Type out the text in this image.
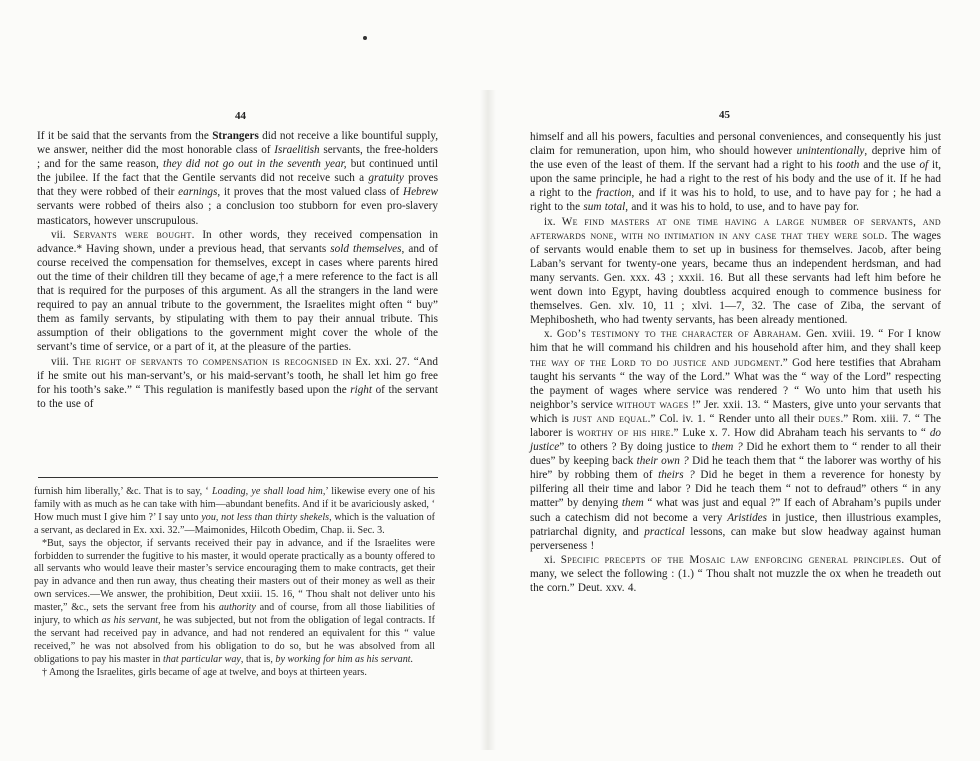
44

If it be said that the servants from the Strangers did not receive a like bountiful supply, we answer, neither did the most honorable class of Israelitish servants, the free-holders ; and for the same reason, they did not go out in the seventh year, but continued until the jubilee. If the fact that the Gentile servants did not receive such a gratuity proves that they were robbed of their earnings, it proves that the most valued class of Hebrew servants were robbed of theirs also ; a conclusion too stubborn for even pro-slavery masticators, however unscrupulous.

vii. Servants were bought. In other words, they received compensation in advance.* Having shown, under a previous head, that servants sold themselves, and of course received the compensation for themselves, except in cases where parents hired out the time of their children till they became of age,† a mere reference to the fact is all that is required for the purposes of this argument. As all the strangers in the land were required to pay an annual tribute to the government, the Israelites might often “ buy” them as family servants, by stipulating with them to pay their annual tribute. This assumption of their obligations to the government might cover the whole of the servant’s time of service, or a part of it, at the pleasure of the parties.

viii. The right of servants to compensation is recognised in Ex. xxi. 27. “And if he smite out his man-servant’s, or his maid-servant’s tooth, he shall let him go free for his tooth’s sake.” “ This regulation is manifestly based upon the right of the servant to the use of

furnish him liberally,’ &c. That is to say, ‘ Loading, ye shall load him,’ likewise every one of his family with as much as he can take with him—abundant benefits. And if it be avariciously asked, ‘ How much must I give him ?’ I say unto you, not less than thirty shekels, which is the valuation of a servant, as declared in Ex. xxi. 32.”—Maimonides, Hilcoth Obedim, Chap. ii. Sec. 3.

*But, says the objector, if servants received their pay in advance, and if the Israelites were forbidden to surrender the fugitive to his master, it would operate practically as a bounty offered to all servants who would leave their master’s service encouraging them to make contracts, get their pay in advance and then run away, thus cheating their masters out of their money as well as their own services.—We answer, the prohibition, Deut xxiii. 15. 16, “ Thou shalt not deliver unto his master,” &c., sets the servant free from his authority and of course, from all those liabilities of injury, to which as his servant, he was subjected, but not from the obligation of legal contracts. If the servant had received pay in advance, and had not rendered an equivalent for this “ value received,” he was not absolved from his obligation to do so, but he was absolved from all obligations to pay his master in that particular way, that is, by working for him as his servant.

† Among the Israelites, girls became of age at twelve, and boys at thirteen years.

45

himself and all his powers, faculties and personal conveniences, and consequently his just claim for remuneration, upon him, who should however unintentionally, deprive him of the use even of the least of them. If the servant had a right to his tooth and the use of it, upon the same principle, he had a right to the rest of his body and the use of it. If he had a right to the fraction, and if it was his to hold, to use, and to have pay for ; he had a right to the sum total, and it was his to hold, to use, and to have pay for.

ix. We find masters at one time having a large number of servants, and afterwards none, with no intimation in any case that they were sold. The wages of servants would enable them to set up in business for themselves. Jacob, after being Laban’s servant for twenty-one years, became thus an independent herdsman, and had many servants. Gen. xxx. 43 ; xxxii. 16. But all these servants had left him before he went down into Egypt, having doubtless acquired enough to commence business for themselves. Gen. xlv. 10, 11 ; xlvi. 1—7, 32. The case of Ziba, the servant of Mephibosheth, who had twenty servants, has been already mentioned.

x. God’s testimony to the character of Abraham. Gen. xviii. 19. “ For I know him that he will command his children and his household after him, and they shall keep the way of the Lord to do justice and judgment.” God here testifies that Abraham taught his servants “ the way of the Lord.” What was the “ way of the Lord” respecting the payment of wages where service was rendered ? “ Wo unto him that useth his neighbor’s service without wages !” Jer. xxii. 13. “ Masters, give unto your servants that which is just and equal.” Col. iv. 1. “ Render unto all their dues.” Rom. xiii. 7. “ The laborer is worthy of his hire.” Luke x. 7. How did Abraham teach his servants to “ do justice” to others ? By doing justice to them ? Did he exhort them to “ render to all their dues” by keeping back their own ? Did he teach them that “ the laborer was worthy of his hire” by robbing them of theirs ? Did he beget in them a reverence for honesty by pilfering all their time and labor ? Did he teach them “ not to defraud” others “ in any matter” by denying them “ what was just and equal ?” If each of Abraham’s pupils under such a catechism did not become a very Aristides in justice, then illustrious examples, patriarchal dignity, and practical lessons, can make but slow headway against human perverseness !

xi. Specific precepts of the Mosaic law enforcing general principles. Out of many, we select the following : (1.) “ Thou shalt not muzzle the ox when he treadeth out the corn.” Deut. xxv. 4.
